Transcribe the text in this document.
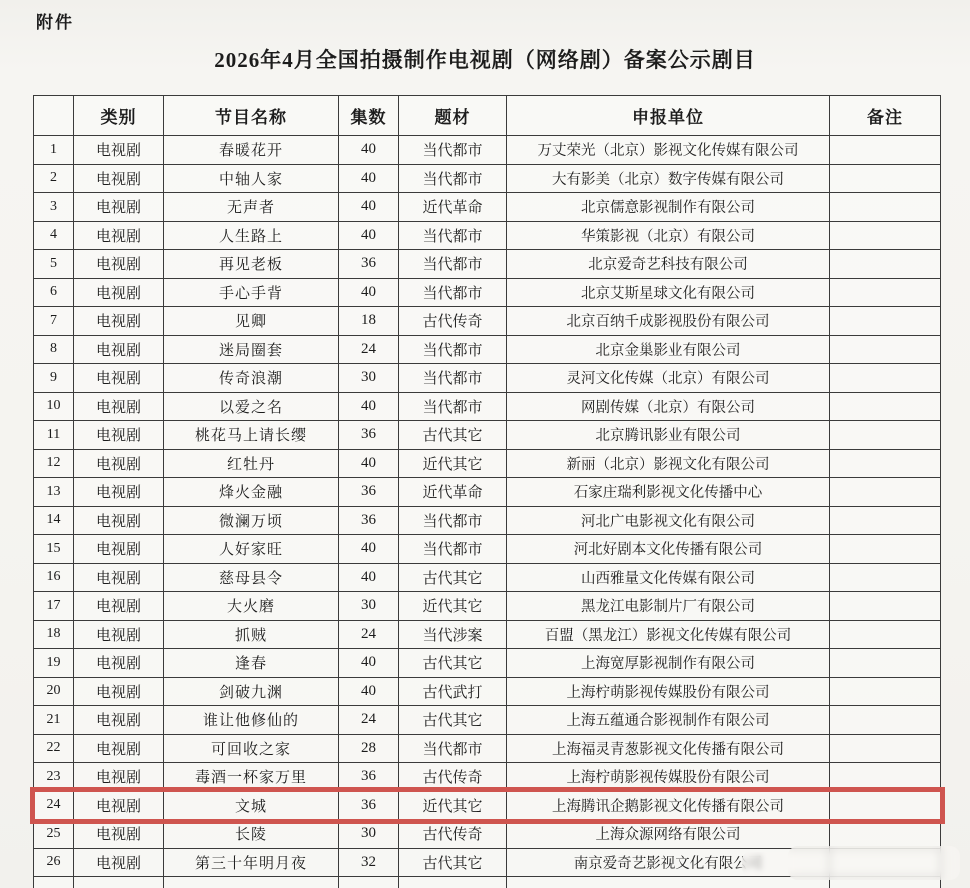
附件
2026年4月全国拍摄制作电视剧（网络剧）备案公示剧目
	类别	节目名称	集数	题材	申报单位	备注
1	电视剧	春暖花开	40	当代都市	万丈荣光（北京）影视文化传媒有限公司	
2	电视剧	中轴人家	40	当代都市	大有影美（北京）数字传媒有限公司	
3	电视剧	无声者	40	近代革命	北京儒意影视制作有限公司	
4	电视剧	人生路上	40	当代都市	华策影视（北京）有限公司	
5	电视剧	再见老板	36	当代都市	北京爱奇艺科技有限公司	
6	电视剧	手心手背	40	当代都市	北京艾斯星球文化有限公司	
7	电视剧	见卿	18	古代传奇	北京百纳千成影视股份有限公司	
8	电视剧	迷局圈套	24	当代都市	北京金巢影业有限公司	
9	电视剧	传奇浪潮	30	当代都市	灵河文化传媒（北京）有限公司	
10	电视剧	以爱之名	40	当代都市	网剧传媒（北京）有限公司	
11	电视剧	桃花马上请长缨	36	古代其它	北京腾讯影业有限公司	
12	电视剧	红牡丹	40	近代其它	新丽（北京）影视文化有限公司	
13	电视剧	烽火金融	36	近代革命	石家庄瑞利影视文化传播中心	
14	电视剧	微澜万顷	36	当代都市	河北广电影视文化有限公司	
15	电视剧	人好家旺	40	当代都市	河北好剧本文化传播有限公司	
16	电视剧	慈母县令	40	古代其它	山西雅量文化传媒有限公司	
17	电视剧	大火磨	30	近代其它	黑龙江电影制片厂有限公司	
18	电视剧	抓贼	24	当代涉案	百盟（黑龙江）影视文化传媒有限公司	
19	电视剧	逢春	40	古代其它	上海宽厚影视制作有限公司	
20	电视剧	剑破九渊	40	古代武打	上海柠萌影视传媒股份有限公司	
21	电视剧	谁让他修仙的	24	古代其它	上海五蕴通合影视制作有限公司	
22	电视剧	可回收之家	28	当代都市	上海福灵青葱影视文化传播有限公司	
23	电视剧	毒酒一杯家万里	36	古代传奇	上海柠萌影视传媒股份有限公司	
24	电视剧	文城	36	近代其它	上海腾讯企鹅影视文化传播有限公司	
25	电视剧	长陵	30	古代传奇	上海众源网络有限公司	
26	电视剧	第三十年明月夜	32	古代其它	南京爱奇艺影视文化有限公司	
